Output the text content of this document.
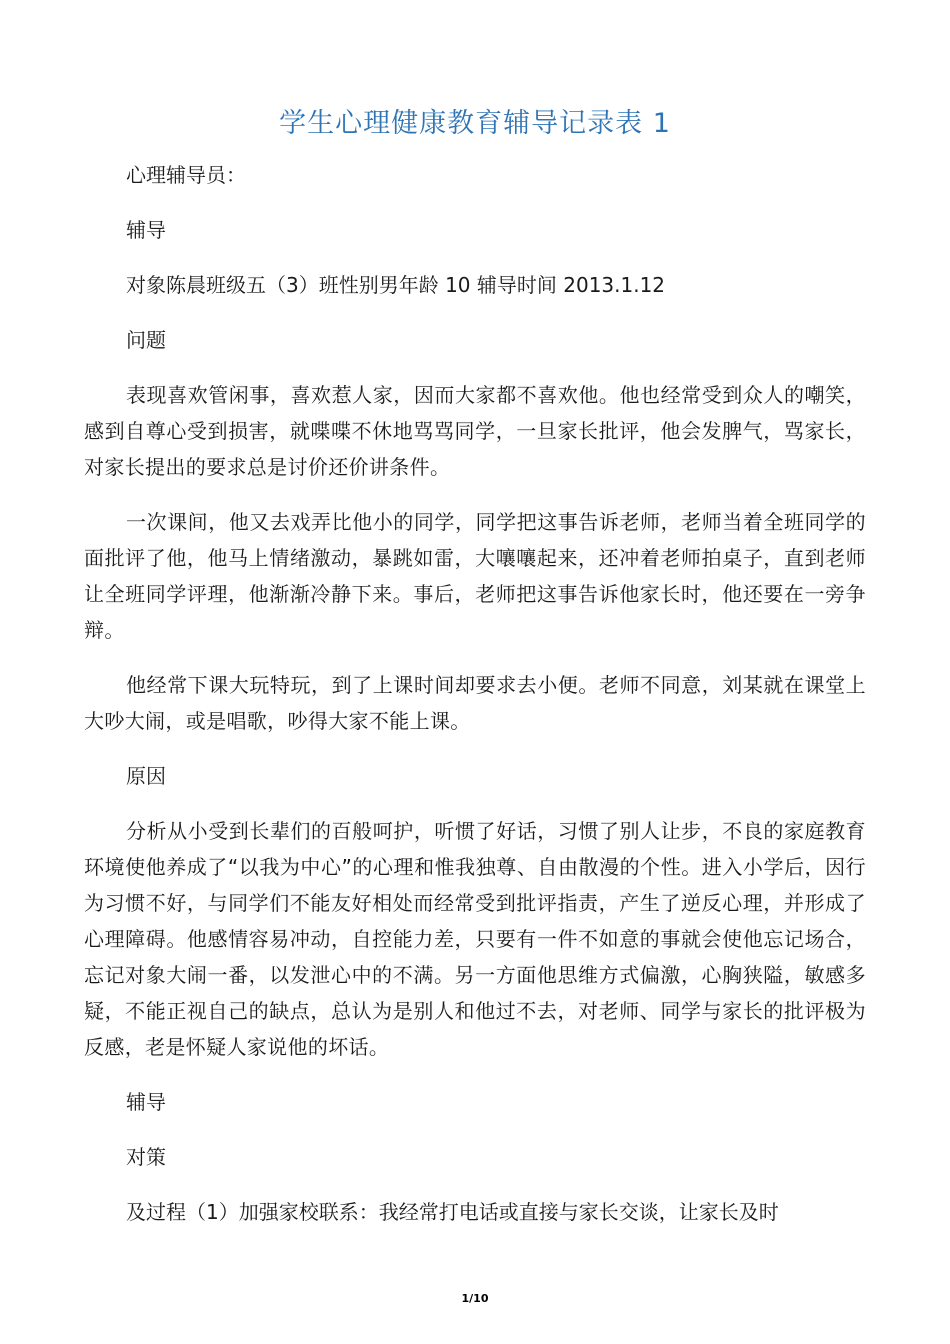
学生心理健康教育辅导记录表 1
心理辅导员：
辅导
对象陈晨班级五（3）班性别男年龄 10 辅导时间 2013.1.12
问题

表现喜欢管闲事，喜欢惹人家，因而大家都不喜欢他。他也经常受到众人的嘲笑，感到自尊心受到损害，就喋喋不休地骂骂同学，一旦家长批评，他会发脾气，骂家长，对家长提出的要求总是讨价还价讲条件。

一次课间，他又去戏弄比他小的同学，同学把这事告诉老师，老师当着全班同学的面批评了他，他马上情绪激动，暴跳如雷，大嚷嚷起来，还冲着老师拍桌子，直到老师让全班同学评理，他渐渐冷静下来。事后，老师把这事告诉他家长时，他还要在一旁争辩。

他经常下课大玩特玩，到了上课时间却要求去小便。老师不同意，刘某就在课堂上大吵大闹，或是唱歌，吵得大家不能上课。

原因

分析从小受到长辈们的百般呵护，听惯了好话，习惯了别人让步，不良的家庭教育环境使他养成了“以我为中心”的心理和惟我独尊、自由散漫的个性。进入小学后，因行为习惯不好，与同学们不能友好相处而经常受到批评指责，产生了逆反心理，并形成了心理障碍。他感情容易冲动，自控能力差，只要有一件不如意的事就会使他忘记场合，忘记对象大闹一番，以发泄心中的不满。另一方面他思维方式偏激，心胸狭隘，敏感多疑，不能正视自己的缺点，总认为是别人和他过不去，对老师、同学与家长的批评极为反感，老是怀疑人家说他的坏话。

辅导
对策
及过程（1）加强家校联系：我经常打电话或直接与家长交谈，让家长及时
1/10
